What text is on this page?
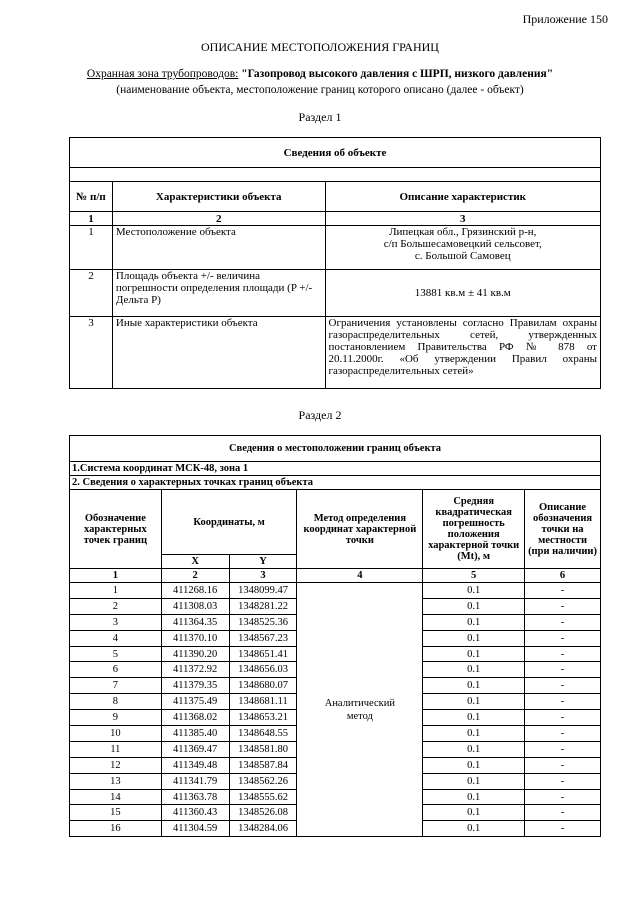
Приложение 150
ОПИСАНИЕ МЕСТОПОЛОЖЕНИЯ ГРАНИЦ
Охранная зона трубопроводов: "Газопровод высокого давления с ШРП, низкого давления"
(наименование объекта, местоположение границ которого описано (далее - объект)
Раздел 1
Сведения об объекте		

№ п/п	Характеристики объекта	Описание характеристик
1	2	3
1	Местоположение объекта	Липецкая обл., Грязинский р-н,
с/п Большесамовецкий сельсовет,
с. Большой Самовец

2	Площадь объекта +/- величина погрешности определения площади (P +/- Дельта P)	13881 кв.м ± 41 кв.м
3	Иные характеристики объекта	Ограничения установлены согласно Правилам охраны газораспределительных сетей, утвержденных постановлением Правительства РФ № 878 от 20.11.2000г. «Об утверждении Правил охраны газораспределительных сетей»
Раздел 2
Сведения о местоположении границ объекта					
1.Система координат МСК-48, зона 1					
2. Сведения о характерных точках границ объекта					
Обозначение характерных точек границ	Координаты, м		Метод определения координат характерной точки	Средняя квадратическая погрешность положения характерной точки (Mt), м	Описание обозначения точки на местности (при наличии)
	X	Y			
1	2	3	4	5	6
1	411268.16	1348099.47	Аналитический метод	0.1	-
2	411308.03	1348281.22		0.1	-
3	411364.35	1348525.36		0.1	-
4	411370.10	1348567.23		0.1	-
5	411390.20	1348651.41		0.1	-
6	411372.92	1348656.03		0.1	-
7	411379.35	1348680.07		0.1	-
8	411375.49	1348681.11		0.1	-
9	411368.02	1348653.21		0.1	-
10	411385.40	1348648.55		0.1	-
11	411369.47	1348581.80		0.1	-
12	411349.48	1348587.84		0.1	-
13	411341.79	1348562.26		0.1	-
14	411363.78	1348555.62		0.1	-
15	411360.43	1348526.08		0.1	-
16	411304.59	1348284.06		0.1	-
